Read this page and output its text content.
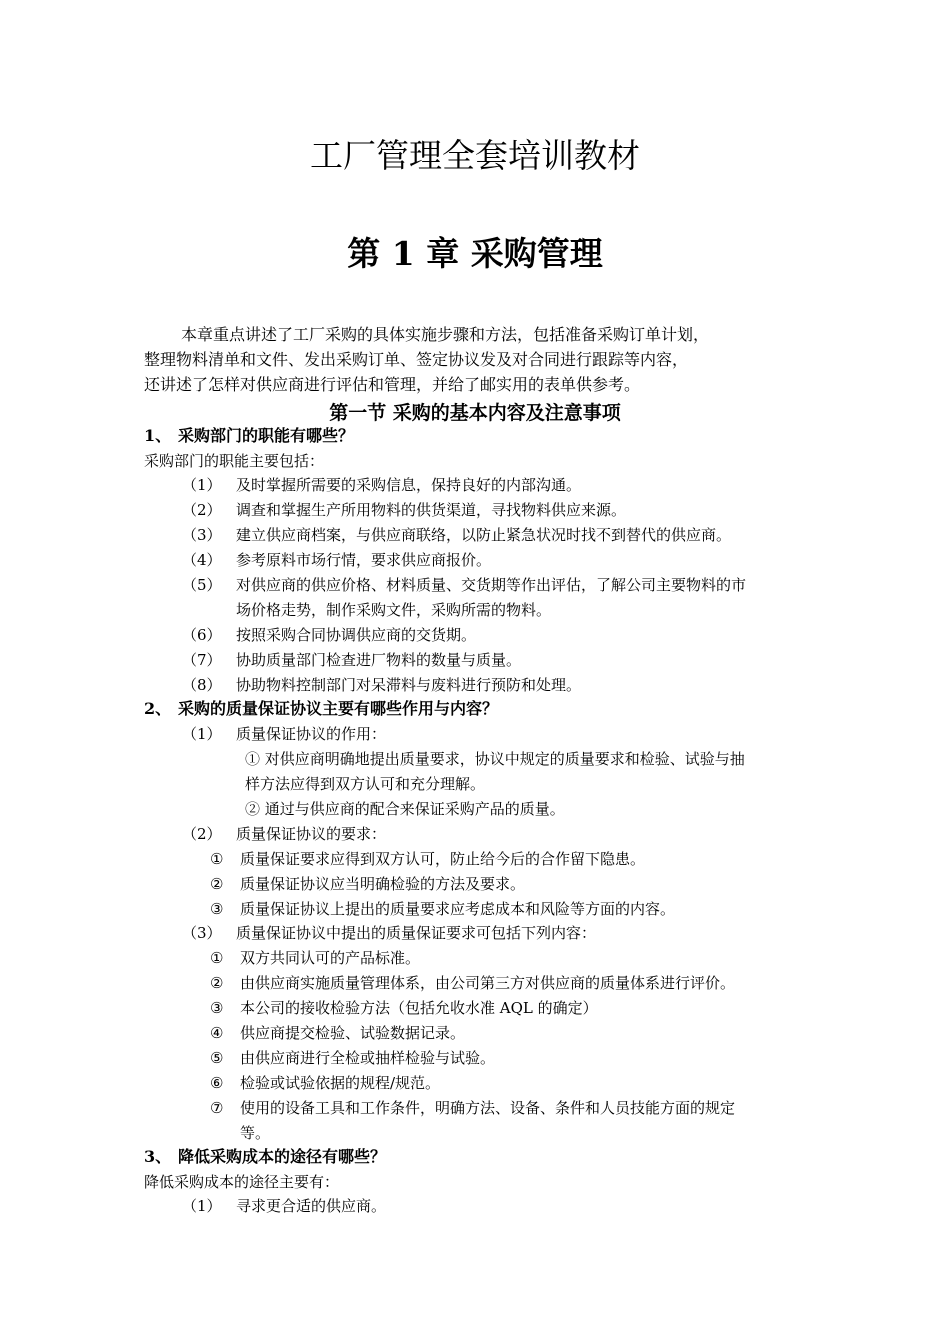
工厂管理全套培训教材
第 1 章 采购管理
本章重点讲述了工厂采购的具体实施步骤和方法，包括准备采购订单计划，
整理物料清单和文件、发出采购订单、签定协议发及对合同进行跟踪等内容，
还讲述了怎样对供应商进行评估和管理，并给了邮实用的表单供参考。
第一节 采购的基本内容及注意事项
1、 采购部门的职能有哪些？
采购部门的职能主要包括：
（1） 及时掌握所需要的采购信息，保持良好的内部沟通。
（2） 调查和掌握生产所用物料的供货渠道，寻找物料供应来源。
（3） 建立供应商档案，与供应商联络，以防止紧急状况时找不到替代的供应商。
（4） 参考原料市场行情，要求供应商报价。
（5） 对供应商的供应价格、材料质量、交货期等作出评估，了解公司主要物料的市
场价格走势，制作采购文件，采购所需的物料。
（6） 按照采购合同协调供应商的交货期。
（7） 协助质量部门检查进厂物料的数量与质量。
（8） 协助物料控制部门对呆滞料与废料进行预防和处理。
2、 采购的质量保证协议主要有哪些作用与内容？
（1） 质量保证协议的作用：
① 对供应商明确地提出质量要求，协议中规定的质量要求和检验、试验与抽
样方法应得到双方认可和充分理解。
② 通过与供应商的配合来保证采购产品的质量。
（2） 质量保证协议的要求：
① 质量保证要求应得到双方认可，防止给今后的合作留下隐患。
② 质量保证协议应当明确检验的方法及要求。
③ 质量保证协议上提出的质量要求应考虑成本和风险等方面的内容。
（3） 质量保证协议中提出的质量保证要求可包括下列内容：
① 双方共同认可的产品标准。
② 由供应商实施质量管理体系，由公司第三方对供应商的质量体系进行评价。
③ 本公司的接收检验方法（包括允收水准 AQL 的确定）
④ 供应商提交检验、试验数据记录。
⑤ 由供应商进行全检或抽样检验与试验。
⑥ 检验或试验依据的规程/规范。
⑦ 使用的设备工具和工作条件，明确方法、设备、条件和人员技能方面的规定
等。
3、 降低采购成本的途径有哪些？
降低采购成本的途径主要有：
（1） 寻求更合适的供应商。
